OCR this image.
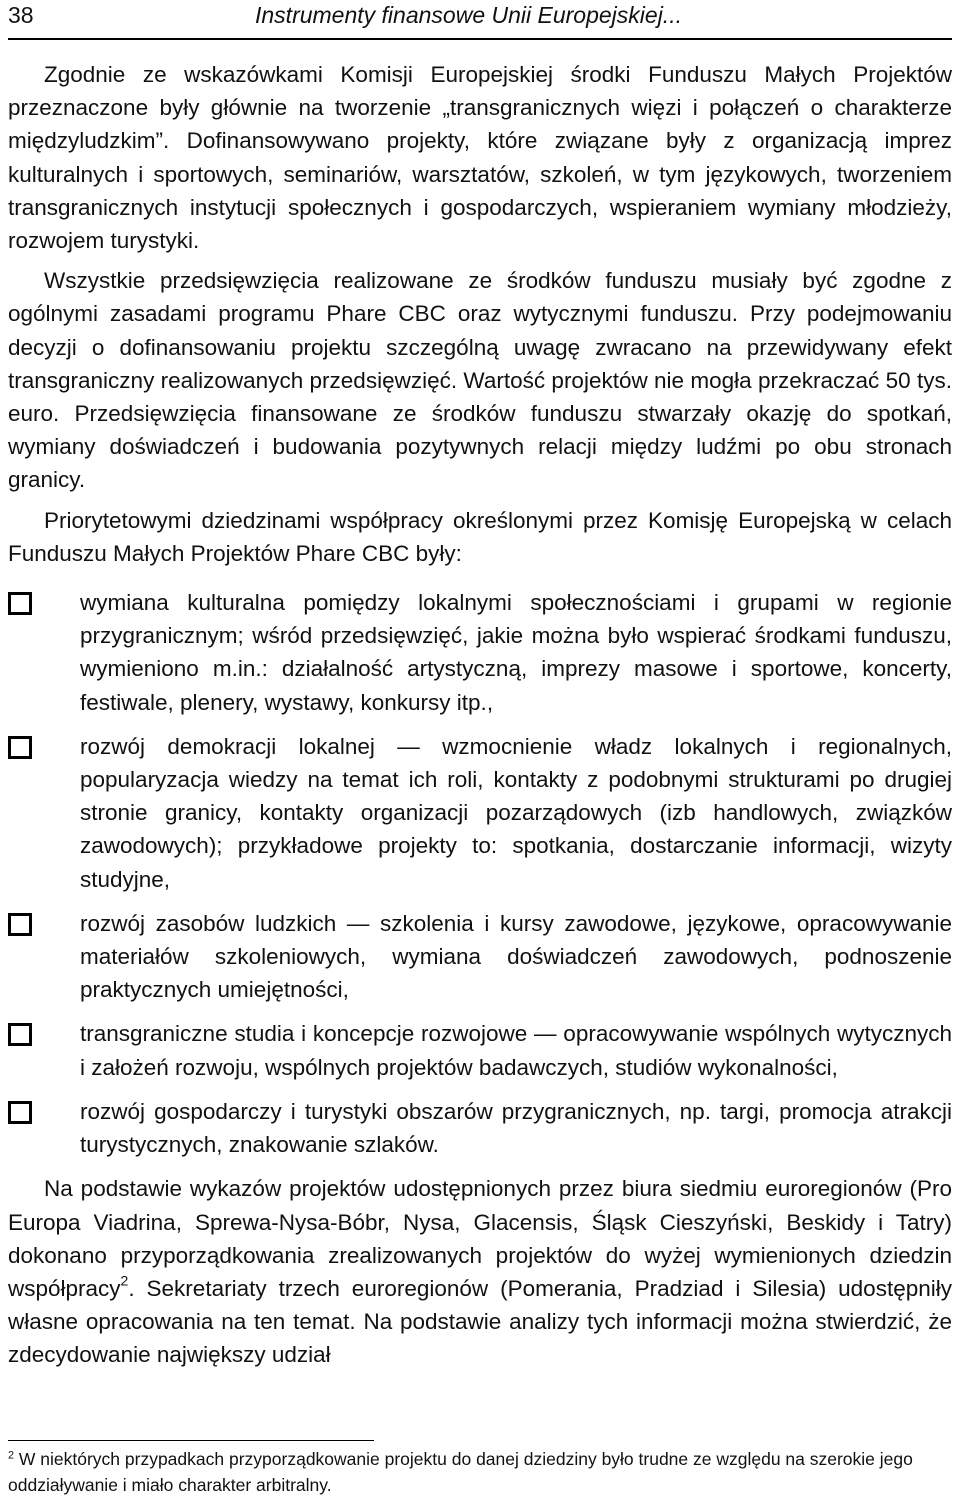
38	Instrumenty finansowe Unii Europejskiej...

Zgodnie ze wskazówkami Komisji Europejskiej środki Funduszu Małych Projektów przeznaczone były głównie na tworzenie „transgranicznych więzi i połączeń o charakterze międzyludzkim”. Dofinansowywano projekty, które związane były z organizacją imprez kulturalnych i sportowych, seminariów, warsztatów, szkoleń, w tym językowych, tworzeniem transgranicznych instytucji społecznych i gospodarczych, wspieraniem wymiany młodzieży, rozwojem turystyki.

Wszystkie przedsięwzięcia realizowane ze środków funduszu musiały być zgodne z ogólnymi zasadami programu Phare CBC oraz wytycznymi funduszu. Przy podejmowaniu decyzji o dofinansowaniu projektu szczególną uwagę zwracano na przewidywany efekt transgraniczny realizowanych przedsięwzięć. Wartość projektów nie mogła przekraczać 50 tys. euro. Przedsięwzięcia finansowane ze środków funduszu stwarzały okazję do spotkań, wymiany doświadczeń i budowania pozytywnych relacji między ludźmi po obu stronach granicy.

Priorytetowymi dziedzinami współpracy określonymi przez Komisję Europejską w celach Funduszu Małych Projektów Phare CBC były:

wymiana kulturalna pomiędzy lokalnymi społecznościami i grupami w regionie przygranicznym; wśród przedsięwzięć, jakie można było wspierać środkami funduszu, wymieniono m.in.: działalność artystyczną, imprezy masowe i sportowe, koncerty, festiwale, plenery, wystawy, konkursy itp.,
rozwój demokracji lokalnej — wzmocnienie władz lokalnych i regionalnych, popularyzacja wiedzy na temat ich roli, kontakty z podobnymi strukturami po drugiej stronie granicy, kontakty organizacji pozarządowych (izb handlowych, związków zawodowych); przykładowe projekty to: spotkania, dostarczanie informacji, wizyty studyjne,
rozwój zasobów ludzkich — szkolenia i kursy zawodowe, językowe, opracowywanie materiałów szkoleniowych, wymiana doświadczeń zawodowych, podnoszenie praktycznych umiejętności,
transgraniczne studia i koncepcje rozwojowe — opracowywanie wspólnych wytycznych i założeń rozwoju, wspólnych projektów badawczych, studiów wykonalności,
rozwój gospodarczy i turystyki obszarów przygranicznych, np. targi, promocja atrakcji turystycznych, znakowanie szlaków.

Na podstawie wykazów projektów udostępnionych przez biura siedmiu euroregionów (Pro Europa Viadrina, Sprewa-Nysa-Bóbr, Nysa, Glacensis, Śląsk Cieszyński, Beskidy i Tatry) dokonano przyporządkowania zrealizowanych projektów do wyżej wymienionych dziedzin współpracy$^2$. Sekretariaty trzech euroregionów (Pomerania, Pradziad i Silesia) udostępniły własne opracowania na ten temat. Na podstawie analizy tych informacji można stwierdzić, że zdecydowanie największy udział

$^2$ W niektórych przypadkach przyporządkowanie projektu do danej dziedziny było trudne ze względu na szerokie jego oddziaływanie i miało charakter arbitralny.
